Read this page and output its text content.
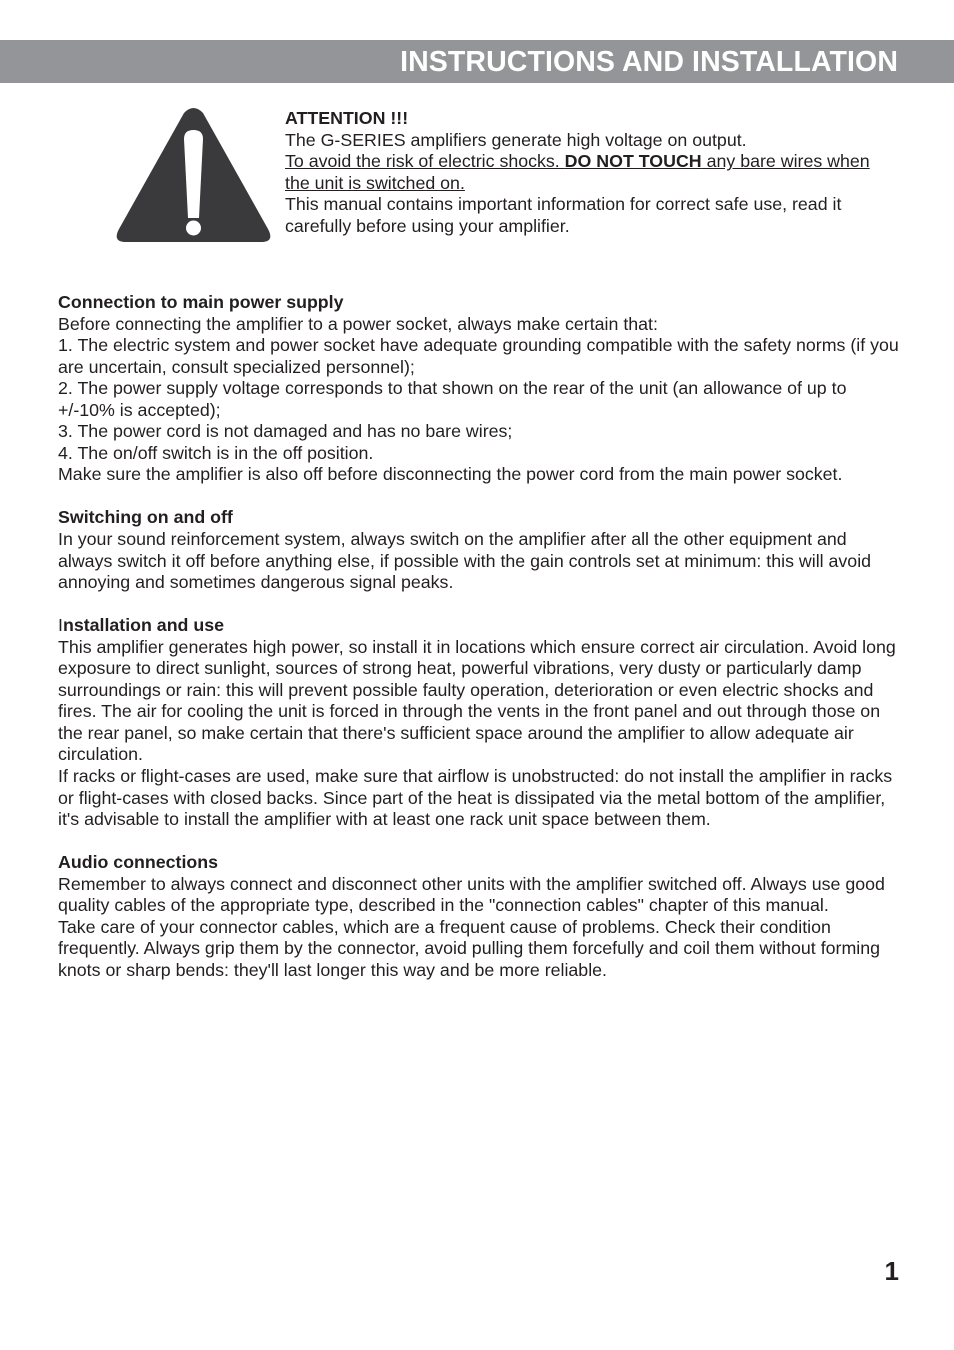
INSTRUCTIONS AND INSTALLATION

ATTENTION !!!

The G-SERIES amplifiers generate high voltage on output.

To avoid the risk of electric shocks. DO NOT TOUCH any bare wires when the unit is switched on.

This manual contains important information for correct safe use, read it carefully before using your amplifier.

Connection to main power supply

Before connecting the amplifier to a power socket, always make certain that:

1. The electric system and power socket have adequate grounding compatible with the safety norms (if you are uncertain, consult specialized personnel);

2. The power supply voltage corresponds to that shown on the rear of the unit (an allowance of up to +/-10% is accepted);

3. The power cord is not damaged and has no bare wires;

4. The on/off switch is in the off position.

Make sure the amplifier is also off before disconnecting the power cord from the main power socket.

Switching on and off

In your sound reinforcement system, always switch on the amplifier after all the other equipment and always switch it off before anything else, if possible with the gain controls set at minimum: this will avoid annoying and sometimes dangerous signal peaks.

Installation and use

This amplifier generates high power, so install it in locations which ensure correct air circulation. Avoid long exposure to direct sunlight, sources of strong heat, powerful vibrations, very dusty or particularly damp surroundings or rain: this will prevent possible faulty operation, deterioration or even electric shocks and fires. The air for cooling the unit is forced in through the vents in the front panel and out through those on the rear panel, so make certain that there's sufficient space around the amplifier to allow adequate air circulation.

If racks or flight-cases are used, make sure that airflow is unobstructed: do not install the amplifier in racks or flight-cases with closed backs. Since part of the heat is dissipated via the metal bottom of the amplifier, it's advisable to install the amplifier with at least one rack unit space between them.

Audio connections

Remember to always connect and disconnect other units with the amplifier switched off. Always use good quality cables of the appropriate type, described in the "connection cables" chapter of this manual.

Take care of your connector cables, which are a frequent cause of problems. Check their condition frequently. Always grip them by the connector, avoid pulling them forcefully and coil them without forming knots or sharp bends: they'll last longer this way and be more reliable.

1
